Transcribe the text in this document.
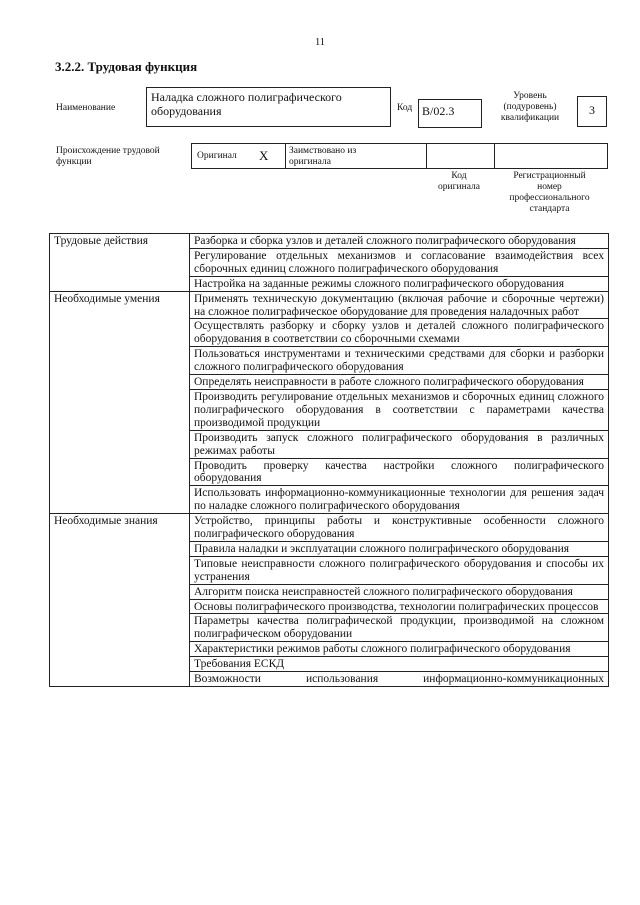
11
3.2.2. Трудовая функция
Наименование
Наладка сложного полиграфического оборудования	Код B/02.3
Уровень
(подуровень)
квалификации
3
Происхождение трудовой
функции
Оригинал X Заимствовано из
оригинала
Код
оригинала
Регистрационный
номер
профессионального
стандарта
Трудовые действия	Разборка и сборка узлов и деталей сложного полиграфического оборудования
	Регулирование отдельных механизмов и согласование взаимодействия всех сборочных единиц сложного полиграфического оборудования
	Настройка на заданные режимы сложного полиграфического оборудования
Необходимые умения	Применять техническую документацию (включая рабочие и сборочные чертежи) на сложное полиграфическое оборудование для проведения наладочных работ
	Осуществлять разборку и сборку узлов и деталей сложного полиграфического оборудования в соответствии со сборочными схемами
	Пользоваться инструментами и техническими средствами для сборки и разборки сложного полиграфического оборудования
	Определять неисправности в работе сложного полиграфического оборудования
	Производить регулирование отдельных механизмов и сборочных единиц сложного полиграфического оборудования в соответствии с параметрами качества производимой продукции
	Производить запуск сложного полиграфического оборудования в различных режимах работы
	Проводить проверку качества настройки сложного полиграфического оборудования
	Использовать информационно-коммуникационные технологии для решения задач по наладке сложного полиграфического оборудования
Необходимые знания	Устройство, принципы работы и конструктивные особенности сложного полиграфического оборудования
	Правила наладки и эксплуатации сложного полиграфического оборудования
	Типовые неисправности сложного полиграфического оборудования и способы их устранения
	Алгоритм поиска неисправностей сложного полиграфического оборудования
	Основы полиграфического производства, технологии полиграфических процессов
	Параметры качества полиграфической продукции, производимой на сложном полиграфическом оборудовании
	Характеристики режимов работы сложного полиграфического оборудования
	Требования ЕСКД
	Возможности использования информационно-коммуникационных
